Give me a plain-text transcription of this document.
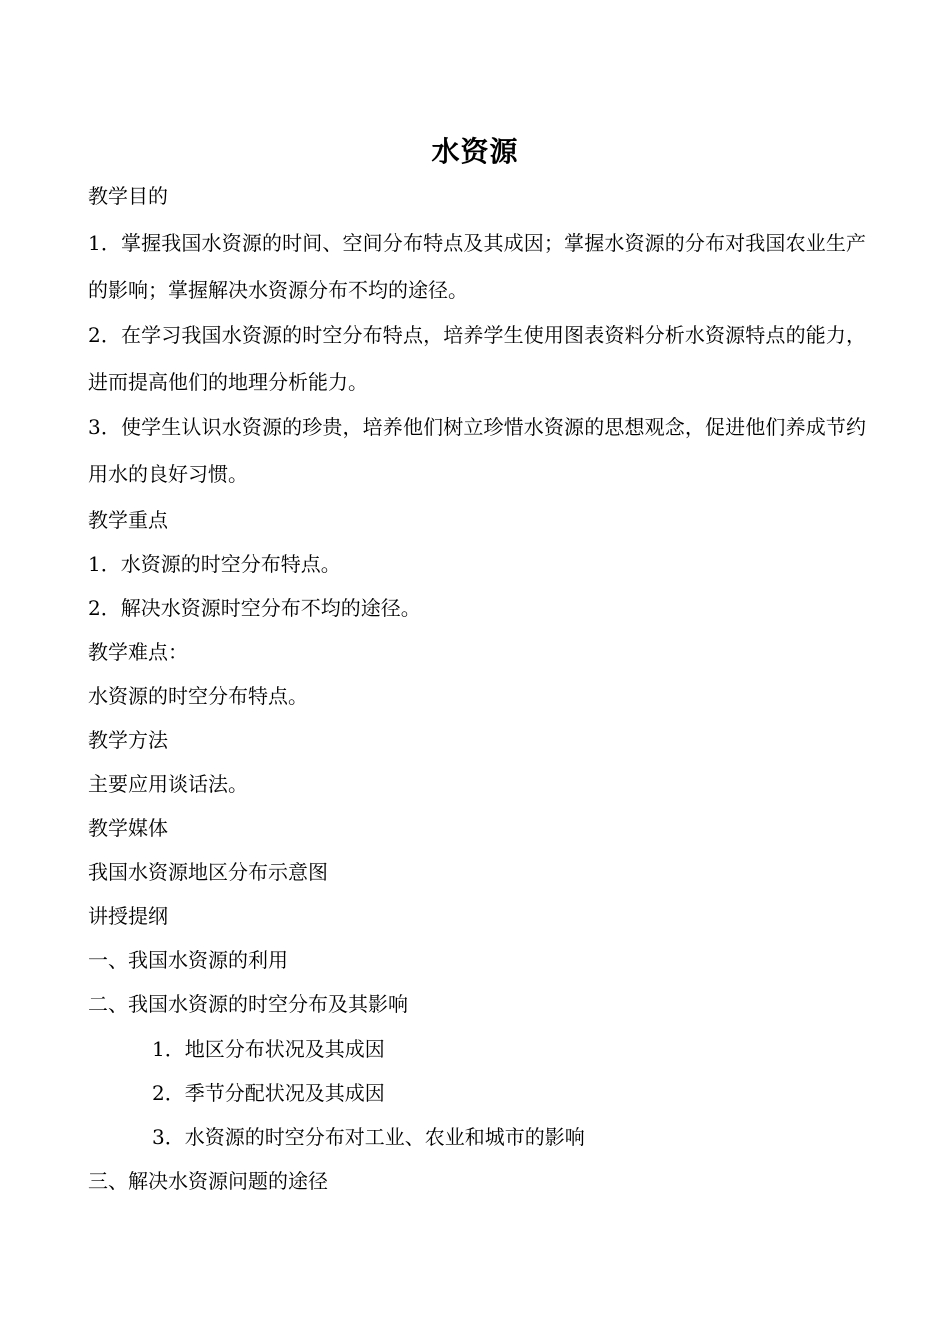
水资源
教学目的
1．掌握我国水资源的时间、空间分布特点及其成因；掌握水资源的分布对我国农业生产的影响；掌握解决水资源分布不均的途径。
2．在学习我国水资源的时空分布特点，培养学生使用图表资料分析水资源特点的能力，进而提高他们的地理分析能力。
3．使学生认识水资源的珍贵，培养他们树立珍惜水资源的思想观念，促进他们养成节约用水的良好习惯。
教学重点
1．水资源的时空分布特点。
2．解决水资源时空分布不均的途径。
教学难点：
水资源的时空分布特点。
教学方法
主要应用谈话法。
教学媒体
我国水资源地区分布示意图
讲授提纲
一、我国水资源的利用
二、我国水资源的时空分布及其影响
1．地区分布状况及其成因
2．季节分配状况及其成因
3．水资源的时空分布对工业、农业和城市的影响
三、解决水资源问题的途径
